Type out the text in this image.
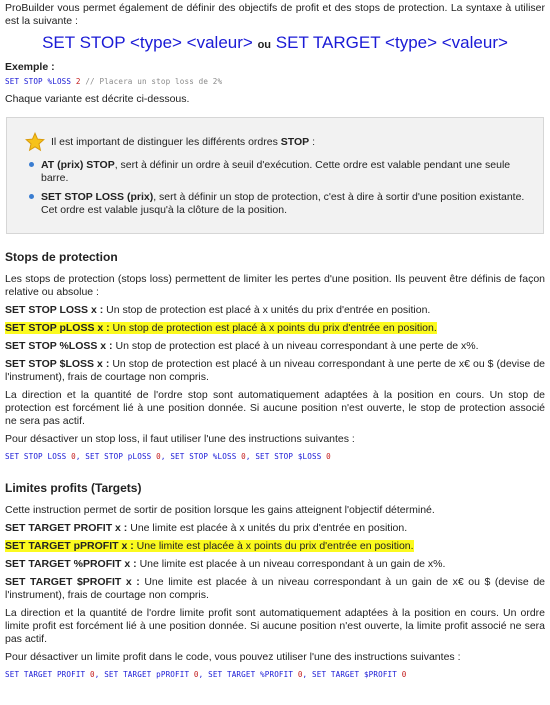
ProBuilder vous permet également de définir des objectifs de profit et des stops de protection. La syntaxe à utiliser est la suivante :

SET STOP <type> <valeur> ou SET TARGET <type> <valeur>

Exemple :

SET STOP %LOSS 2 // Placera un stop loss de 2%

Chaque variante est décrite ci-dessous.

Il est important de distinguer les différents ordres STOP :
AT (prix) STOP, sert à définir un ordre à seuil d'exécution. Cette ordre est valable pendant une seule barre.
SET STOP LOSS (prix), sert à définir un stop de protection, c'est à dire à sortir d'une position existante. Cet ordre est valable jusqu'à la clôture de la position.
Stops de protection

Les stops de protection (stops loss) permettent de limiter les pertes d'une position. Ils peuvent être définis de façon relative ou absolue :

SET STOP LOSS x : Un stop de protection est placé à x unités du prix d'entrée en position.

SET STOP pLOSS x : Un stop de protection est placé à x points du prix d'entrée en position.

SET STOP %LOSS x : Un stop de protection est placé à un niveau correspondant à une perte de x%.

SET STOP $LOSS x : Un stop de protection est placé à un niveau correspondant à une perte de x€ ou $ (devise de l'instrument), frais de courtage non compris.

La direction et la quantité de l'ordre stop sont automatiquement adaptées à la position en cours. Un stop de protection est forcément lié à une position donnée. Si aucune position n'est ouverte, le stop de protection associé ne sera pas actif.

Pour désactiver un stop loss, il faut utiliser l'une des instructions suivantes :

SET STOP LOSS 0, SET STOP pLOSS 0, SET STOP %LOSS 0, SET STOP $LOSS 0
Limites profits (Targets)

Cette instruction permet de sortir de position lorsque les gains atteignent l'objectif déterminé.

SET TARGET PROFIT x : Une limite est placée à x unités du prix d'entrée en position.

SET TARGET pPROFIT x : Une limite est placée à x points du prix d'entrée en position.

SET TARGET %PROFIT x : Une limite est placée à un niveau correspondant à un gain de x%.

SET TARGET $PROFIT x : Une limite est placée à un niveau correspondant à un gain de x€ ou $ (devise de l'instrument), frais de courtage non compris.

La direction et la quantité de l'ordre limite profit sont automatiquement adaptées à la position en cours. Un ordre limite profit est forcément lié à une position donnée. Si aucune position n'est ouverte, la limite profit associé ne sera pas actif.

Pour désactiver un limite profit dans le code, vous pouvez utiliser l'une des instructions suivantes :

SET TARGET PROFIT 0, SET TARGET pPROFIT 0, SET TARGET %PROFIT 0, SET TARGET $PROFIT 0
